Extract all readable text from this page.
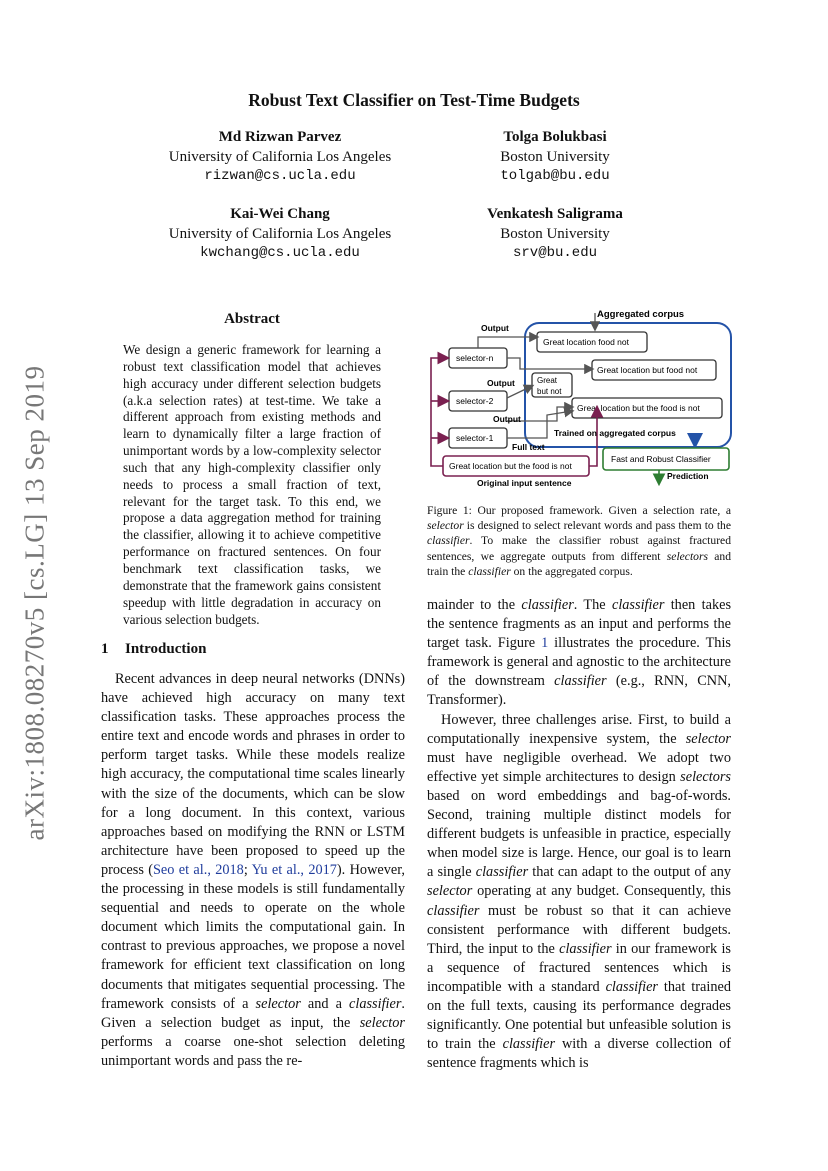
Robust Text Classifier on Test-Time Budgets
Md Rizwan Parvez
University of California Los Angeles
rizwan@cs.ucla.edu
Tolga Bolukbasi
Boston University
tolgab@bu.edu
Kai-Wei Chang
University of California Los Angeles
kwchang@cs.ucla.edu
Venkatesh Saligrama
Boston University
srv@bu.edu
arXiv:1808.08270v5 [cs.LG] 13 Sep 2019
Abstract
We design a generic framework for learning a robust text classification model that achieves high accuracy under different selection budgets (a.k.a selection rates) at test-time. We take a different approach from existing methods and learn to dynamically filter a large fraction of unimportant words by a low-complexity selector such that any high-complexity classifier only needs to process a small fraction of text, relevant for the target task. To this end, we propose a data aggregation method for training the classifier, allowing it to achieve competitive performance on fractured sentences. On four benchmark text classification tasks, we demonstrate that the framework gains consistent speedup with little degradation in accuracy on various selection budgets.
1 Introduction

Recent advances in deep neural networks (DNNs) have achieved high accuracy on many text classification tasks. These approaches process the entire text and encode words and phrases in order to perform target tasks. While these models realize high accuracy, the computational time scales linearly with the size of the documents, which can be slow for a long document. In this context, various approaches based on modifying the RNN or LSTM architecture have been proposed to speed up the process (Seo et al., 2018; Yu et al., 2017). However, the processing in these models is still fundamentally sequential and needs to operate on the whole document which limits the computational gain. In contrast to previous approaches, we propose a novel framework for efficient text classification on long documents that mitigates sequential processing. The framework consists of a selector and a classifier. Given a selection budget as input, the selector performs a coarse one-shot selection deleting unimportant words and pass the re-

Aggregated corpus
Great location food not
Great location but food not
Great
but not
Great location but the food is not
selector-n
selector-2
selector-1
Output
Output
Output
Full text
Great location but the food is not
Original input sentence
Trained on aggregated corpus
Fast and Robust Classifier
Prediction
Figure 1: Our proposed framework. Given a selection rate, a selector is designed to select relevant words and pass them to the classifier. To make the classifier robust against fractured sentences, we aggregate outputs from different selectors and train the classifier on the aggregated corpus.

mainder to the classifier. The classifier then takes the sentence fragments as an input and performs the target task. Figure 1 illustrates the procedure. This framework is general and agnostic to the architecture of the downstream classifier (e.g., RNN, CNN, Transformer).

However, three challenges arise. First, to build a computationally inexpensive system, the selector must have negligible overhead. We adopt two effective yet simple architectures to design selectors based on word embeddings and bag-of-words. Second, training multiple distinct models for different budgets is unfeasible in practice, especially when model size is large. Hence, our goal is to learn a single classifier that can adapt to the output of any selector operating at any budget. Consequently, this classifier must be robust so that it can achieve consistent performance with different budgets. Third, the input to the classifier in our framework is a sequence of fractured sentences which is incompatible with a standard classifier that trained on the full texts, causing its performance degrades significantly. One potential but unfeasible solution is to train the classifier with a diverse collection of sentence fragments which is
